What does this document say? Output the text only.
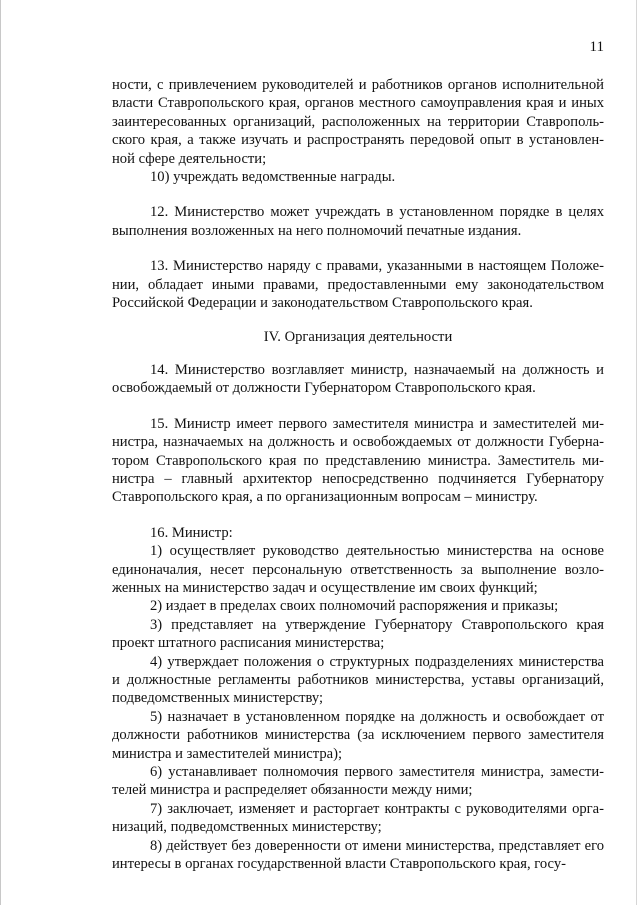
11

ности, с привлечением руководителей и работников органов исполнительной власти Ставропольского края, органов местного самоуправления края и иных заинтересованных организаций, расположенных на территории Ставрополь-ского края, а также изучать и распространять передовой опыт в установлен-ной сфере деятельности;

10) учреждать ведомственные награды.

12. Министерство может учреждать в установленном порядке в целях выполнения возложенных на него полномочий печатные издания.

13. Министерство наряду с правами, указанными в настоящем Положе-нии, обладает иными правами, предоставленными ему законодательством Российской Федерации и законодательством Ставропольского края.

IV. Организация деятельности

14. Министерство возглавляет министр, назначаемый на должность и освобождаемый от должности Губернатором Ставропольского края.

15. Министр имеет первого заместителя министра и заместителей ми-нистра, назначаемых на должность и освобождаемых от должности Губерна-тором Ставропольского края по представлению министра. Заместитель ми-нистра – главный архитектор непосредственно подчиняется Губернатору Ставропольского края, а по организационным вопросам – министру.

16. Министр:

1) осуществляет руководство деятельностью министерства на основе единоначалия, несет персональную ответственность за выполнение возло-женных на министерство задач и осуществление им своих функций;

2) издает в пределах своих полномочий распоряжения и приказы;

3) представляет на утверждение Губернатору Ставропольского края проект штатного расписания министерства;

4) утверждает положения о структурных подразделениях министерства и должностные регламенты работников министерства, уставы организаций, подведомственных министерству;

5) назначает в установленном порядке на должность и освобождает от должности работников министерства (за исключением первого заместителя министра и заместителей министра);

6) устанавливает полномочия первого заместителя министра, замести-телей министра и распределяет обязанности между ними;

7) заключает, изменяет и расторгает контракты с руководителями орга-низаций, подведомственных министерству;

8) действует без доверенности от имени министерства, представляет его интересы в органах государственной власти Ставропольского края, госу-
